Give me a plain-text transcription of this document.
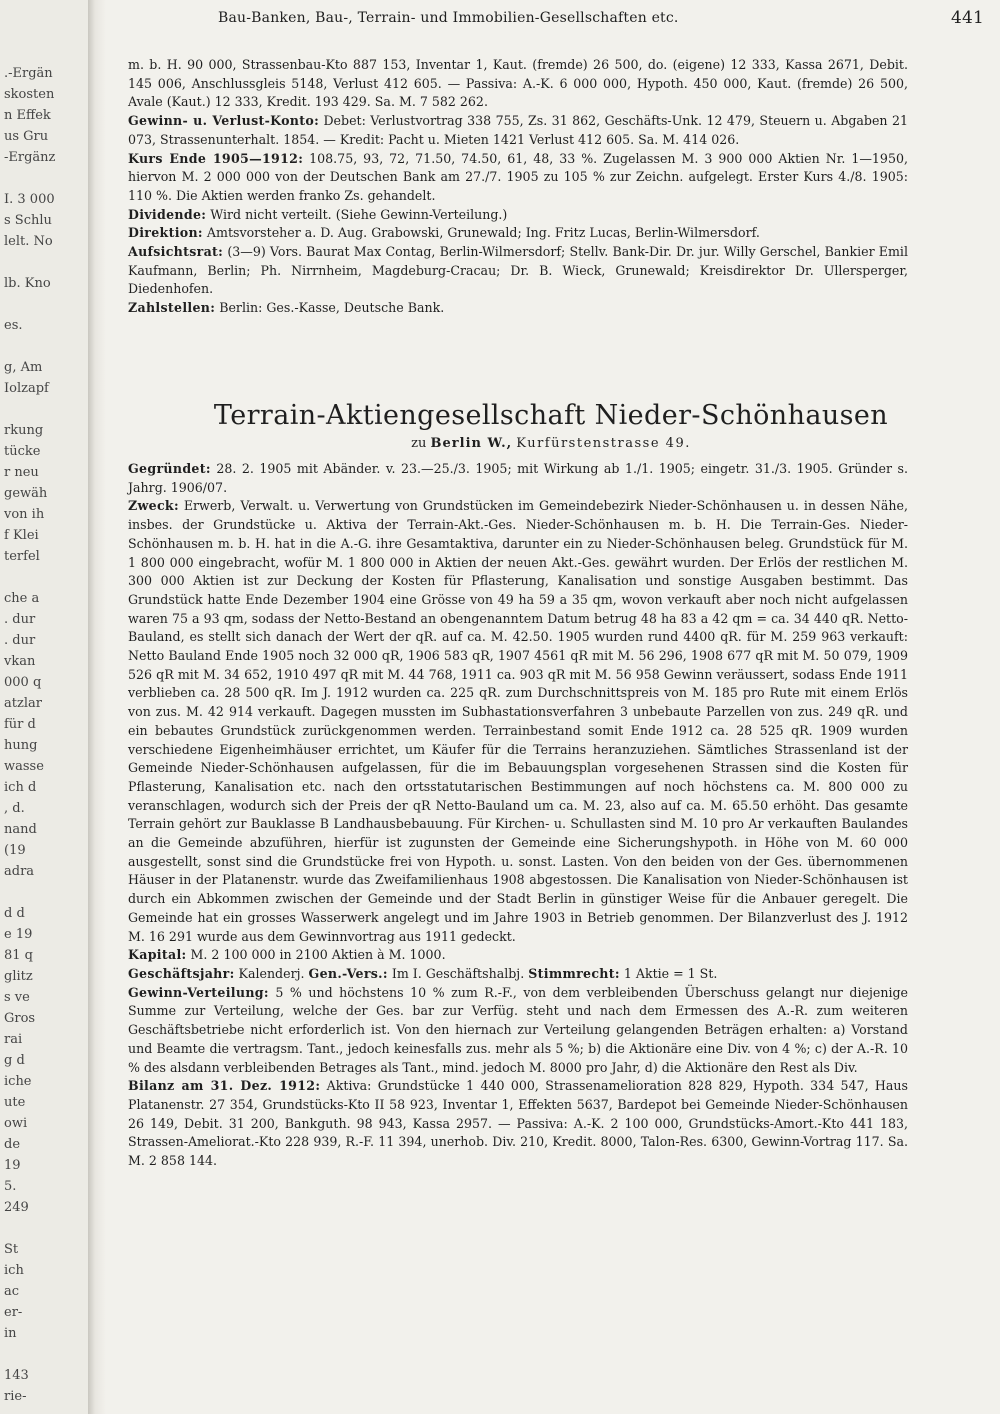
.-Ergän
skosten
n Effek
us Gru
-Ergänz
I. 3 000
s Schlu
lelt. No
lb. Kno
es.
g, Am
Iolzapf
rkung
tücke
r neu
gewäh
von ih
f Klei
terfel
che a
. dur
. dur
vkan
000 q
atzlar
für d
hung
wasse
ich d
, d.
nand
(19
adra
d d
e 19
81 q
glitz
s ve
Gros
rai
g d
iche
ute
owi
de
19
5.
249
St
ich
ac
er-
in
143
rie-
Bau-Banken, Bau-, Terrain- und Immobilien-Gesellschaften etc.	441

m. b. H. 90 000, Strassenbau-Kto 887 153, Inventar 1, Kaut. (fremde) 26 500, do. (eigene) 12 333, Kassa 2671, Debit. 145 006, Anschlussgleis 5148, Verlust 412 605. — Passiva: A.-K. 6 000 000, Hypoth. 450 000, Kaut. (fremde) 26 500, Avale (Kaut.) 12 333, Kredit. 193 429. Sa. M. 7 582 262.

Gewinn- u. Verlust-Konto: Debet: Verlustvortrag 338 755, Zs. 31 862, Geschäfts-Unk. 12 479, Steuern u. Abgaben 21 073, Strassenunterhalt. 1854. — Kredit: Pacht u. Mieten 1421 Verlust 412 605. Sa. M. 414 026.

Kurs Ende 1905—1912: 108.75, 93, 72, 71.50, 74.50, 61, 48, 33 %. Zugelassen M. 3 900 000 Aktien Nr. 1—1950, hiervon M. 2 000 000 von der Deutschen Bank am 27./7. 1905 zu 105 % zur Zeichn. aufgelegt. Erster Kurs 4./8. 1905: 110 %. Die Aktien werden franko Zs. gehandelt.

Dividende: Wird nicht verteilt. (Siehe Gewinn-Verteilung.)

Direktion: Amtsvorsteher a. D. Aug. Grabowski, Grunewald; Ing. Fritz Lucas, Berlin-Wilmersdorf.

Aufsichtsrat: (3—9) Vors. Baurat Max Contag, Berlin-Wilmersdorf; Stellv. Bank-Dir. Dr. jur. Willy Gerschel, Bankier Emil Kaufmann, Berlin; Ph. Nirrnheim, Magdeburg-Cracau; Dr. B. Wieck, Grunewald; Kreisdirektor Dr. Ullersperger, Diedenhofen.

Zahlstellen: Berlin: Ges.-Kasse, Deutsche Bank.

Terrain-Aktiengesellschaft Nieder-Schönhausen
zu Berlin W., Kurfürstenstrasse 49.

Gegründet: 28. 2. 1905 mit Abänder. v. 23.—25./3. 1905; mit Wirkung ab 1./1. 1905; eingetr. 31./3. 1905. Gründer s. Jahrg. 1906/07.

Zweck: Erwerb, Verwalt. u. Verwertung von Grundstücken im Gemeindebezirk Nieder-Schönhausen u. in dessen Nähe, insbes. der Grundstücke u. Aktiva der Terrain-Akt.-Ges. Nieder-Schönhausen m. b. H. Die Terrain-Ges. Nieder-Schönhausen m. b. H. hat in die A.-G. ihre Gesamtaktiva, darunter ein zu Nieder-Schönhausen beleg. Grundstück für M. 1 800 000 eingebracht, wofür M. 1 800 000 in Aktien der neuen Akt.-Ges. gewährt wurden. Der Erlös der restlichen M. 300 000 Aktien ist zur Deckung der Kosten für Pflasterung, Kanalisation und sonstige Ausgaben bestimmt. Das Grundstück hatte Ende Dezember 1904 eine Grösse von 49 ha 59 a 35 qm, wovon verkauft aber noch nicht aufgelassen waren 75 a 93 qm, sodass der Netto-Bestand an obengenanntem Datum betrug 48 ha 83 a 42 qm = ca. 34 440 qR. Netto-Bauland, es stellt sich danach der Wert der qR. auf ca. M. 42.50. 1905 wurden rund 4400 qR. für M. 259 963 verkauft: Netto Bauland Ende 1905 noch 32 000 qR, 1906 583 qR, 1907 4561 qR mit M. 56 296, 1908 677 qR mit M. 50 079, 1909 526 qR mit M. 34 652, 1910 497 qR mit M. 44 768, 1911 ca. 903 qR mit M. 56 958 Gewinn veräussert, sodass Ende 1911 verblieben ca. 28 500 qR. Im J. 1912 wurden ca. 225 qR. zum Durchschnittspreis von M. 185 pro Rute mit einem Erlös von zus. M. 42 914 verkauft. Dagegen mussten im Subhastationsverfahren 3 unbebaute Parzellen von zus. 249 qR. und ein bebautes Grundstück zurückgenommen werden. Terrainbestand somit Ende 1912 ca. 28 525 qR. 1909 wurden verschiedene Eigenheimhäuser errichtet, um Käufer für die Terrains heranzuziehen. Sämtliches Strassenland ist der Gemeinde Nieder-Schönhausen aufgelassen, für die im Bebauungsplan vorgesehenen Strassen sind die Kosten für Pflasterung, Kanalisation etc. nach den ortsstatutarischen Bestimmungen auf noch höchstens ca. M. 800 000 zu veranschlagen, wodurch sich der Preis der qR Netto-Bauland um ca. M. 23, also auf ca. M. 65.50 erhöht. Das gesamte Terrain gehört zur Bauklasse B Landhausbebauung. Für Kirchen- u. Schullasten sind M. 10 pro Ar verkauften Baulandes an die Gemeinde abzuführen, hierfür ist zugunsten der Gemeinde eine Sicherungshypoth. in Höhe von M. 60 000 ausgestellt, sonst sind die Grundstücke frei von Hypoth. u. sonst. Lasten. Von den beiden von der Ges. übernommenen Häuser in der Platanenstr. wurde das Zweifamilienhaus 1908 abgestossen. Die Kanalisation von Nieder-Schönhausen ist durch ein Abkommen zwischen der Gemeinde und der Stadt Berlin in günstiger Weise für die Anbauer geregelt. Die Gemeinde hat ein grosses Wasserwerk angelegt und im Jahre 1903 in Betrieb genommen. Der Bilanzverlust des J. 1912 M. 16 291 wurde aus dem Gewinnvortrag aus 1911 gedeckt.

Kapital: M. 2 100 000 in 2100 Aktien à M. 1000.

Geschäftsjahr: Kalenderj. Gen.-Vers.: Im I. Geschäftshalbj. Stimmrecht: 1 Aktie = 1 St.

Gewinn-Verteilung: 5 % und höchstens 10 % zum R.-F., von dem verbleibenden Überschuss gelangt nur diejenige Summe zur Verteilung, welche der Ges. bar zur Verfüg. steht und nach dem Ermessen des A.-R. zum weiteren Geschäftsbetriebe nicht erforderlich ist. Von den hiernach zur Verteilung gelangenden Beträgen erhalten: a) Vorstand und Beamte die vertragsm. Tant., jedoch keinesfalls zus. mehr als 5 %; b) die Aktionäre eine Div. von 4 %; c) der A.-R. 10 % des alsdann verbleibenden Betrages als Tant., mind. jedoch M. 8000 pro Jahr, d) die Aktionäre den Rest als Div.

Bilanz am 31. Dez. 1912: Aktiva: Grundstücke 1 440 000, Strassenamelioration 828 829, Hypoth. 334 547, Haus Platanenstr. 27 354, Grundstücks-Kto II 58 923, Inventar 1, Effekten 5637, Bardepot bei Gemeinde Nieder-Schönhausen 26 149, Debit. 31 200, Bankguth. 98 943, Kassa 2957. — Passiva: A.-K. 2 100 000, Grundstücks-Amort.-Kto 441 183, Strassen-Ameliorat.-Kto 228 939, R.-F. 11 394, unerhob. Div. 210, Kredit. 8000, Talon-Res. 6300, Gewinn-Vortrag 117. Sa. M. 2 858 144.
